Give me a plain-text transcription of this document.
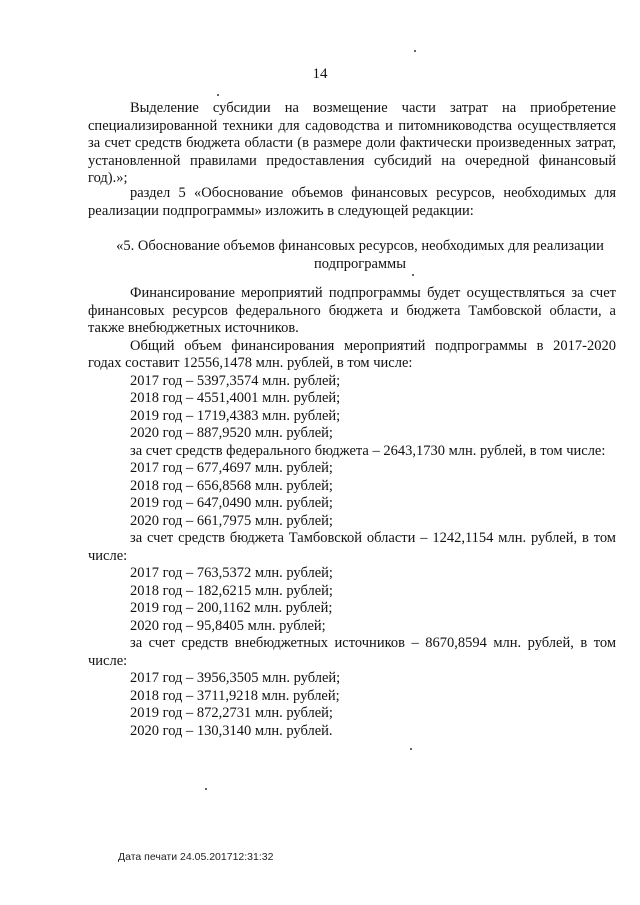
14

Выделение субсидии на возмещение части затрат на приобретение специализированной техники для садоводства и питомниководства осуществляется за счет средств бюджета области (в размере доли фактически произведенных затрат, установленной правилами предоставления субсидий на очередной финансовый год).»;

раздел 5 «Обоснование объемов финансовых ресурсов, необходимых для реализации подпрограммы» изложить в следующей редакции:

«5. Обоснование объемов финансовых ресурсов, необходимых для реализации подпрограммы

Финансирование мероприятий подпрограммы будет осуществляться за счет финансовых ресурсов федерального бюджета и бюджета Тамбовской области, а также внебюджетных источников.

Общий объем финансирования мероприятий подпрограммы в 2017-2020 годах составит 12556,1478 млн. рублей, в том числе:

2017 год – 5397,3574 млн. рублей;

2018 год – 4551,4001 млн. рублей;

2019 год – 1719,4383 млн. рублей;

2020 год – 887,9520 млн. рублей;

за счет средств федерального бюджета – 2643,1730 млн. рублей, в том числе:

2017 год – 677,4697 млн. рублей;

2018 год – 656,8568 млн. рублей;

2019 год – 647,0490 млн. рублей;

2020 год – 661,7975 млн. рублей;

за счет средств бюджета Тамбовской области – 1242,1154 млн. рублей, в том числе:

2017 год – 763,5372 млн. рублей;

2018 год – 182,6215 млн. рублей;

2019 год – 200,1162 млн. рублей;

2020 год – 95,8405 млн. рублей;

за счет средств внебюджетных источников – 8670,8594 млн. рублей, в том числе:

2017 год – 3956,3505 млн. рублей;

2018 год – 3711,9218 млн. рублей;

2019 год – 872,2731 млн. рублей;

2020 год – 130,3140 млн. рублей.

Дата печати 24.05.201712:31:32
